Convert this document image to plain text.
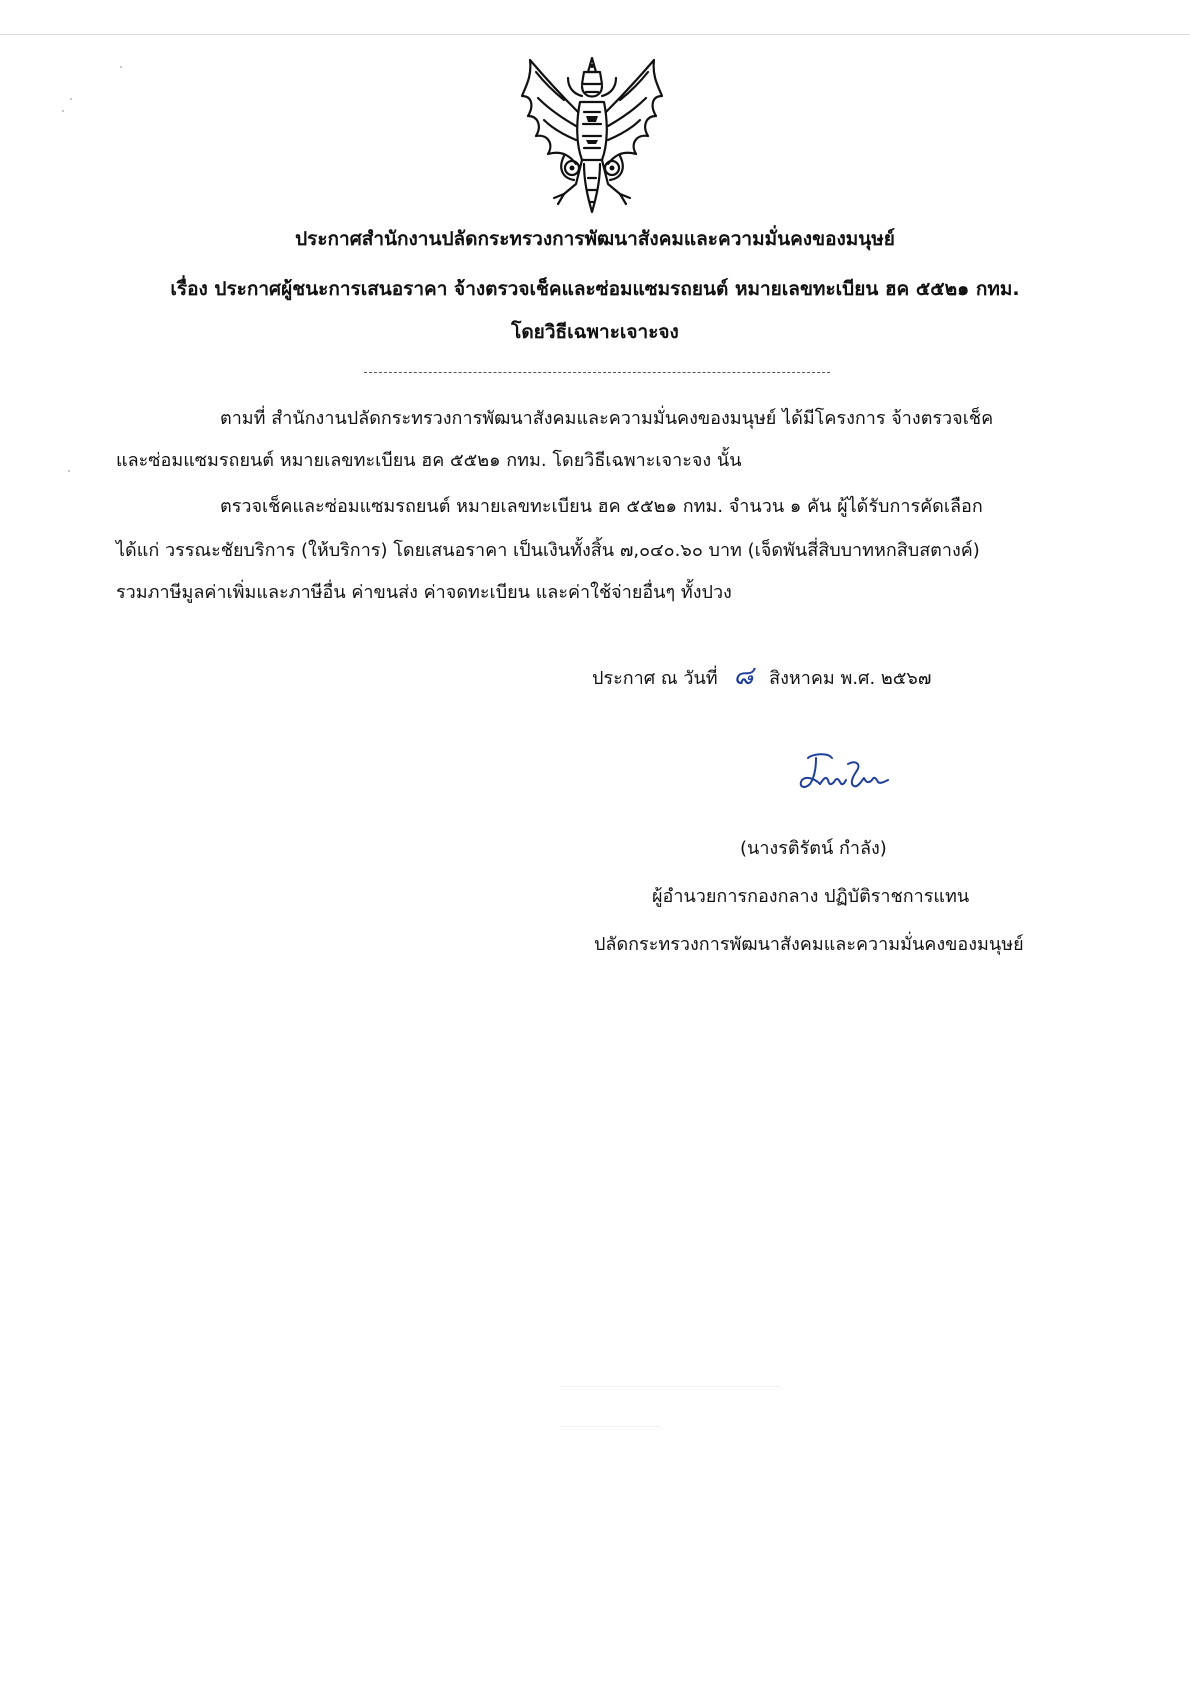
ประกาศสำนักงานปลัดกระทรวงการพัฒนาสังคมและความมั่นคงของมนุษย์
เรื่อง ประกาศผู้ชนะการเสนอราคา จ้างตรวจเช็คและซ่อมแซมรถยนต์ หมายเลขทะเบียน ฮค ๕๕๒๑ กทม.
โดยวิธีเฉพาะเจาะจง
ตามที่ สำนักงานปลัดกระทรวงการพัฒนาสังคมและความมั่นคงของมนุษย์ ได้มีโครงการ จ้างตรวจเช็ค
และซ่อมแซมรถยนต์ หมายเลขทะเบียน ฮค ๕๕๒๑ กทม. โดยวิธีเฉพาะเจาะจง นั้น
ตรวจเช็คและซ่อมแซมรถยนต์ หมายเลขทะเบียน ฮค ๕๕๒๑ กทม. จำนวน ๑ คัน ผู้ได้รับการคัดเลือก
ได้แก่ วรรณะชัยบริการ (ให้บริการ) โดยเสนอราคา เป็นเงินทั้งสิ้น ๗,๐๔๐.๖๐ บาท (เจ็ดพันสี่สิบบาทหกสิบสตางค์)
รวมภาษีมูลค่าเพิ่มและภาษีอื่น ค่าขนส่ง ค่าจดทะเบียน และค่าใช้จ่ายอื่นๆ ทั้งปวง
ประกาศ ณ วันที่ ๘ สิงหาคม พ.ศ. ๒๕๖๗
(นางรติรัตน์ กำลัง)
ผู้อำนวยการกองกลาง ปฏิบัติราชการแทน
ปลัดกระทรวงการพัฒนาสังคมและความมั่นคงของมนุษย์
